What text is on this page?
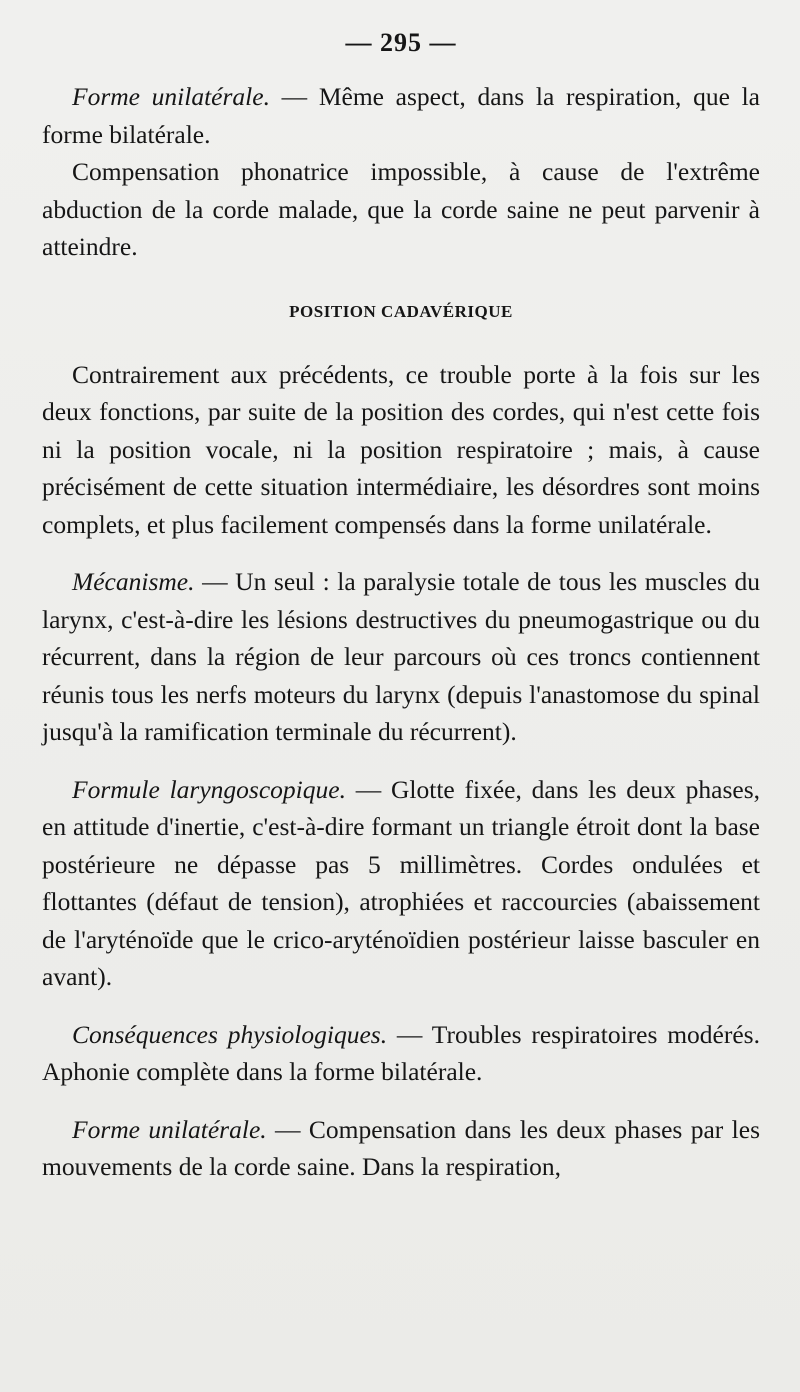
— 295 —

Forme unilatérale. — Même aspect, dans la respiration, que la forme bilatérale.

Compensation phonatrice impossible, à cause de l'extrême abduction de la corde malade, que la corde saine ne peut parvenir à atteindre.

POSITION CADAVÉRIQUE

Contrairement aux précédents, ce trouble porte à la fois sur les deux fonctions, par suite de la position des cordes, qui n'est cette fois ni la position vocale, ni la position respiratoire ; mais, à cause précisément de cette situation intermédiaire, les désordres sont moins complets, et plus facilement compensés dans la forme unilatérale.

Mécanisme. — Un seul : la paralysie totale de tous les muscles du larynx, c'est-à-dire les lésions destructives du pneumogastrique ou du récurrent, dans la région de leur parcours où ces troncs contiennent réunis tous les nerfs moteurs du larynx (depuis l'anastomose du spinal jusqu'à la ramification terminale du récurrent).

Formule laryngoscopique. — Glotte fixée, dans les deux phases, en attitude d'inertie, c'est-à-dire formant un triangle étroit dont la base postérieure ne dépasse pas 5 millimètres. Cordes ondulées et flottantes (défaut de tension), atrophiées et raccourcies (abaissement de l'aryténoïde que le crico-aryténoïdien postérieur laisse basculer en avant).

Conséquences physiologiques. — Troubles respiratoires modérés. Aphonie complète dans la forme bilatérale.

Forme unilatérale. — Compensation dans les deux phases par les mouvements de la corde saine. Dans la respiration,
